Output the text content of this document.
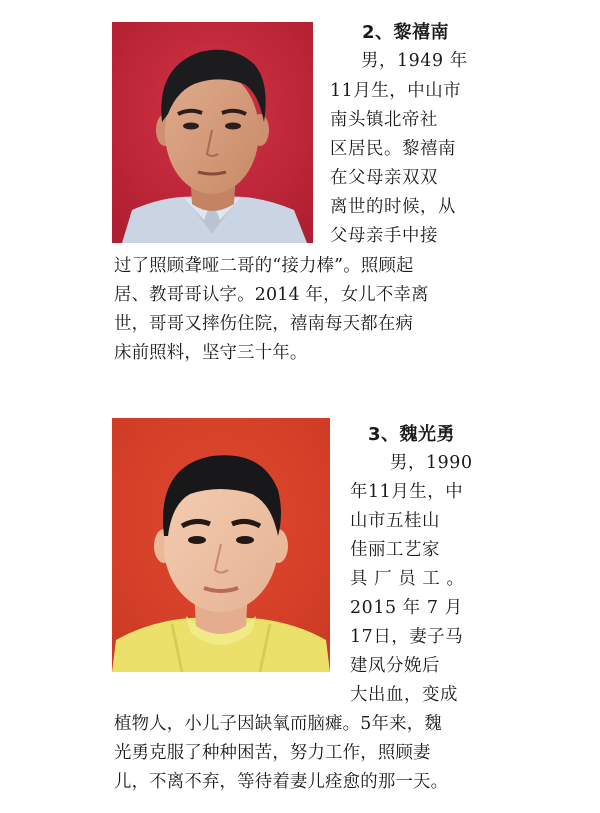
2、黎禧南
男，1949 年
11月生，中山市
南头镇北帝社
区居民。黎禧南
在父母亲双双
离世的时候，从
父母亲手中接
过了照顾聋哑二哥的“接力棒”。照顾起
居、教哥哥认字。2014 年，女儿不幸离
世，哥哥又摔伤住院，禧南每天都在病
床前照料，坚守三十年。
3、魏光勇
男，1990
年11月生，中
山市五桂山
佳丽工艺家
具 厂 员 工 。
2015 年 7 月
17日，妻子马
建凤分娩后
大出血，变成
植物人，小儿子因缺氧而脑瘫。5年来，魏
光勇克服了种种困苦，努力工作，照顾妻
儿，不离不弃，等待着妻儿痊愈的那一天。
